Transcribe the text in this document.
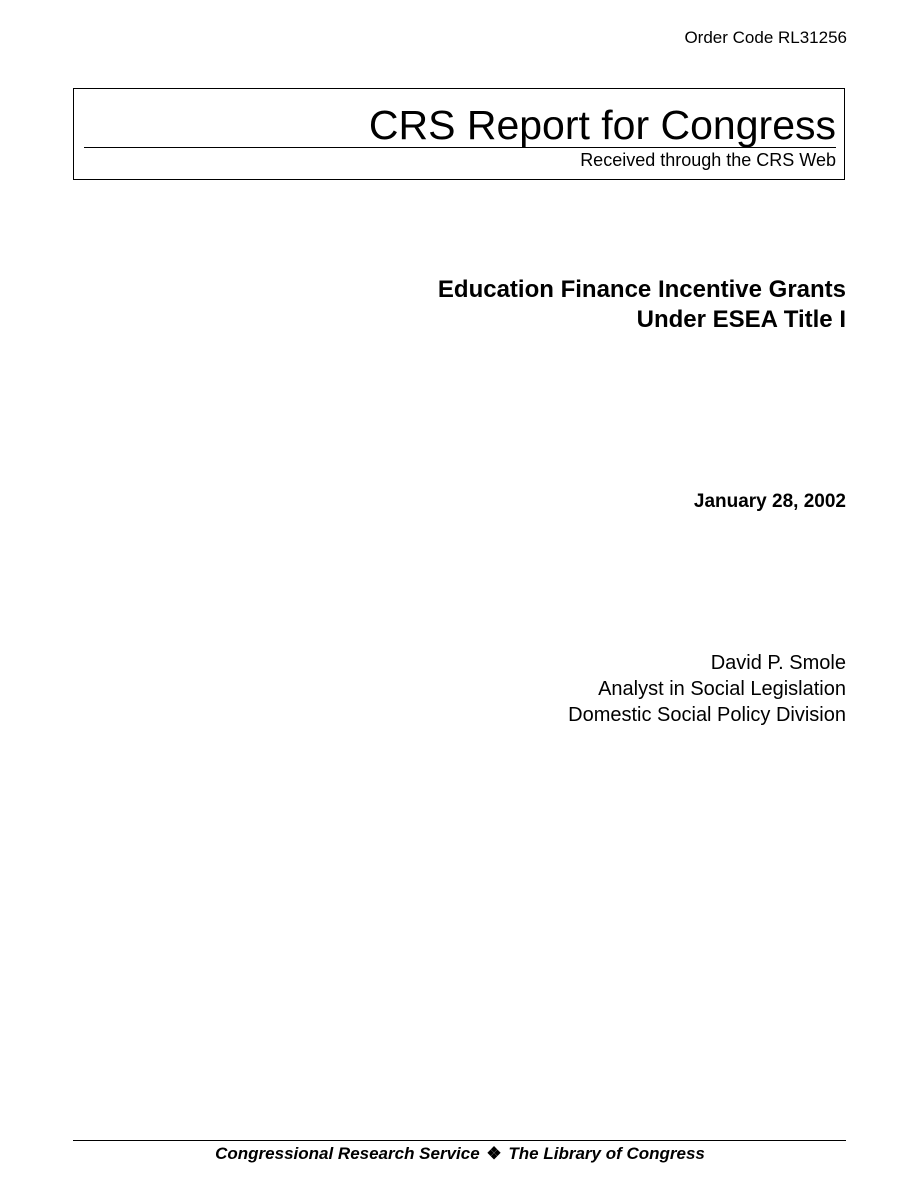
Order Code RL31256
CRS Report for Congress
Received through the CRS Web
Education Finance Incentive Grants
Under ESEA Title I
January 28, 2002
David P. Smole
Analyst in Social Legislation
Domestic Social Policy Division
Congressional Research Service ❖ The Library of Congress
